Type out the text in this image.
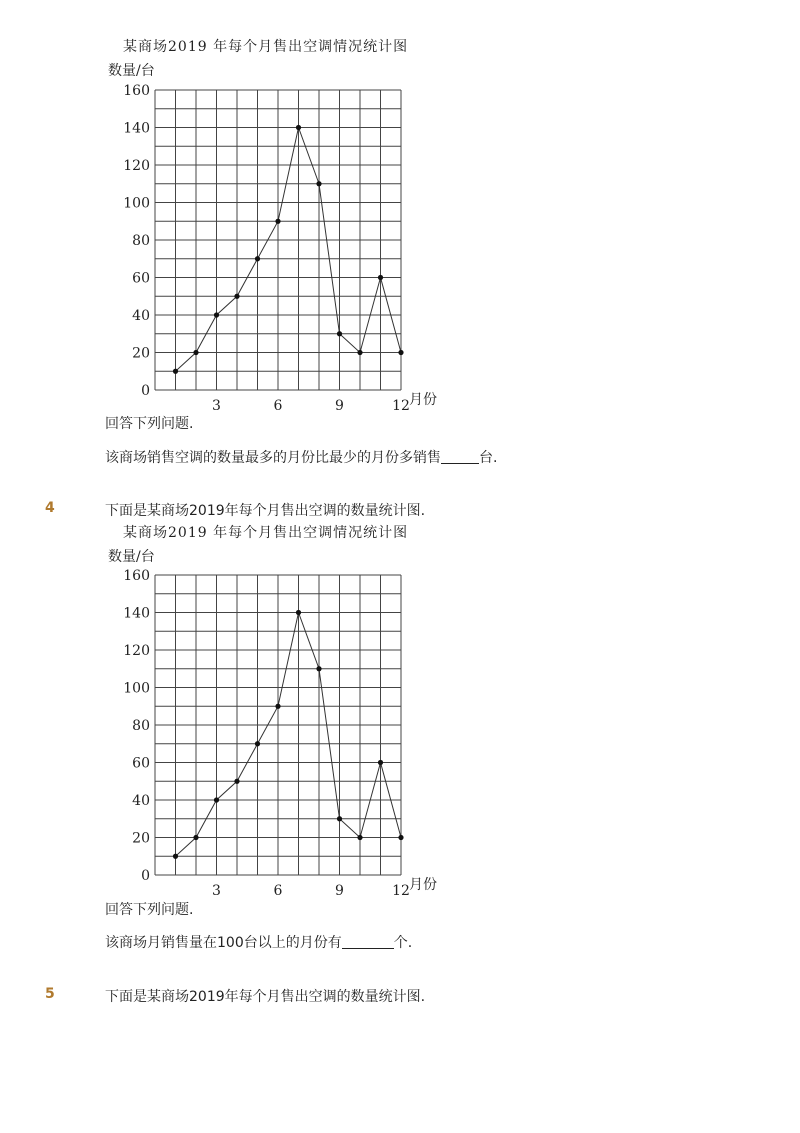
某商场2019 年每个月售出空调情况统计图
数量/台
0
20
40
60
80
100
120
140
160
3	6	9	12 月份
回答下列问题.
该商场销售空调的数量最多的月份比最少的月份多销售	台.
4	下面是某商场2019年每个月售出空调的数量统计图.
某商场2019 年每个月售出空调情况统计图
数量/台
0
20
40
60
80
100
120
140
160
3	6	9	12 月份
回答下列问题.
该商场月销售量在100台以上的月份有	个.
5	下面是某商场2019年每个月售出空调的数量统计图.
